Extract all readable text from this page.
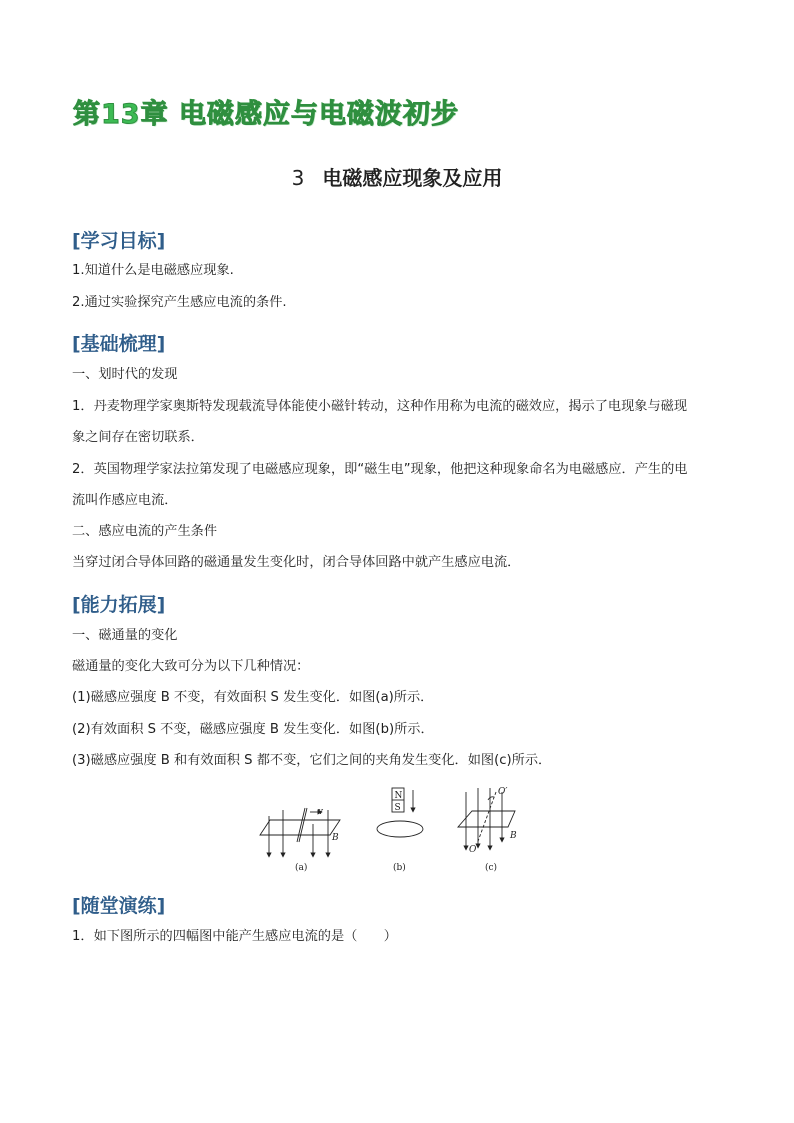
第13章 电磁感应与电磁波初步
3 电磁感应现象及应用
[学习目标]
1.知道什么是电磁感应现象.
2.通过实验探究产生感应电流的条件.
[基础梳理]
一、划时代的发现
1．丹麦物理学家奥斯特发现载流导体能使小磁针转动，这种作用称为电流的磁效应，揭示了电现象与磁现
象之间存在密切联系．
2．英国物理学家法拉第发现了电磁感应现象，即“磁生电”现象，他把这种现象命名为电磁感应．产生的电
流叫作感应电流．
二、感应电流的产生条件
当穿过闭合导体回路的磁通量发生变化时，闭合导体回路中就产生感应电流．
[能力拓展]
一、磁通量的变化
磁通量的变化大致可分为以下几种情况：
(1)磁感应强度 B 不变，有效面积 S 发生变化．如图(a)所示．
(2)有效面积 S 不变，磁感应强度 B 发生变化．如图(b)所示．
(3)磁感应强度 B 和有效面积 S 都不变，它们之间的夹角发生变化．如图(c)所示．
v
B
(a)
N
S
(b)
O′
B
O
(c)
[随堂演练]
1．如下图所示的四幅图中能产生感应电流的是（　　）
